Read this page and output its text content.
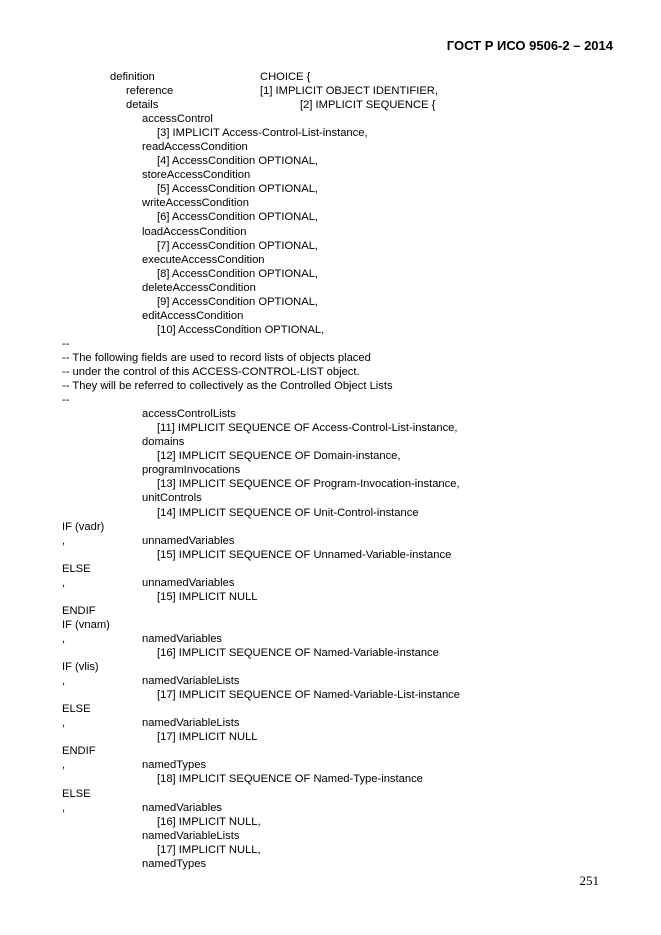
ГОСТ Р ИСО 9506-2 – 2014
definition	CHOICE {
reference	[1] IMPLICIT OBJECT IDENTIFIER,
details	[2] IMPLICIT SEQUENCE {
accessControl
[3] IMPLICIT Access-Control-List-instance,
readAccessCondition
[4] AccessCondition OPTIONAL,
storeAccessCondition
[5] AccessCondition OPTIONAL,
writeAccessCondition
[6] AccessCondition OPTIONAL,
loadAccessCondition
[7] AccessCondition OPTIONAL,
executeAccessCondition
[8] AccessCondition OPTIONAL,
deleteAccessCondition
[9] AccessCondition OPTIONAL,
editAccessCondition
[10] AccessCondition OPTIONAL,
--
-- The following fields are used to record lists of objects placed
-- under the control of this ACCESS-CONTROL-LIST object.
-- They will be referred to collectively as the Controlled Object Lists
--
accessControlLists
[11] IMPLICIT SEQUENCE OF Access-Control-List-instance,
domains
[12] IMPLICIT SEQUENCE OF Domain-instance,
programInvocations
[13] IMPLICIT SEQUENCE OF Program-Invocation-instance,
unitControls
[14] IMPLICIT SEQUENCE OF Unit-Control-instance
IF (vadr)
,	unnamedVariables
[15] IMPLICIT SEQUENCE OF Unnamed-Variable-instance
ELSE
,	unnamedVariables
[15] IMPLICIT NULL
ENDIF
IF (vnam)
,	namedVariables
[16] IMPLICIT SEQUENCE OF Named-Variable-instance
IF (vlis)
,	namedVariableLists
[17] IMPLICIT SEQUENCE OF Named-Variable-List-instance
ELSE
,	namedVariableLists
[17] IMPLICIT NULL
ENDIF
,	namedTypes
[18] IMPLICIT SEQUENCE OF Named-Type-instance
ELSE
,	namedVariables
[16] IMPLICIT NULL,
namedVariableLists
[17] IMPLICIT NULL,
namedTypes
251
